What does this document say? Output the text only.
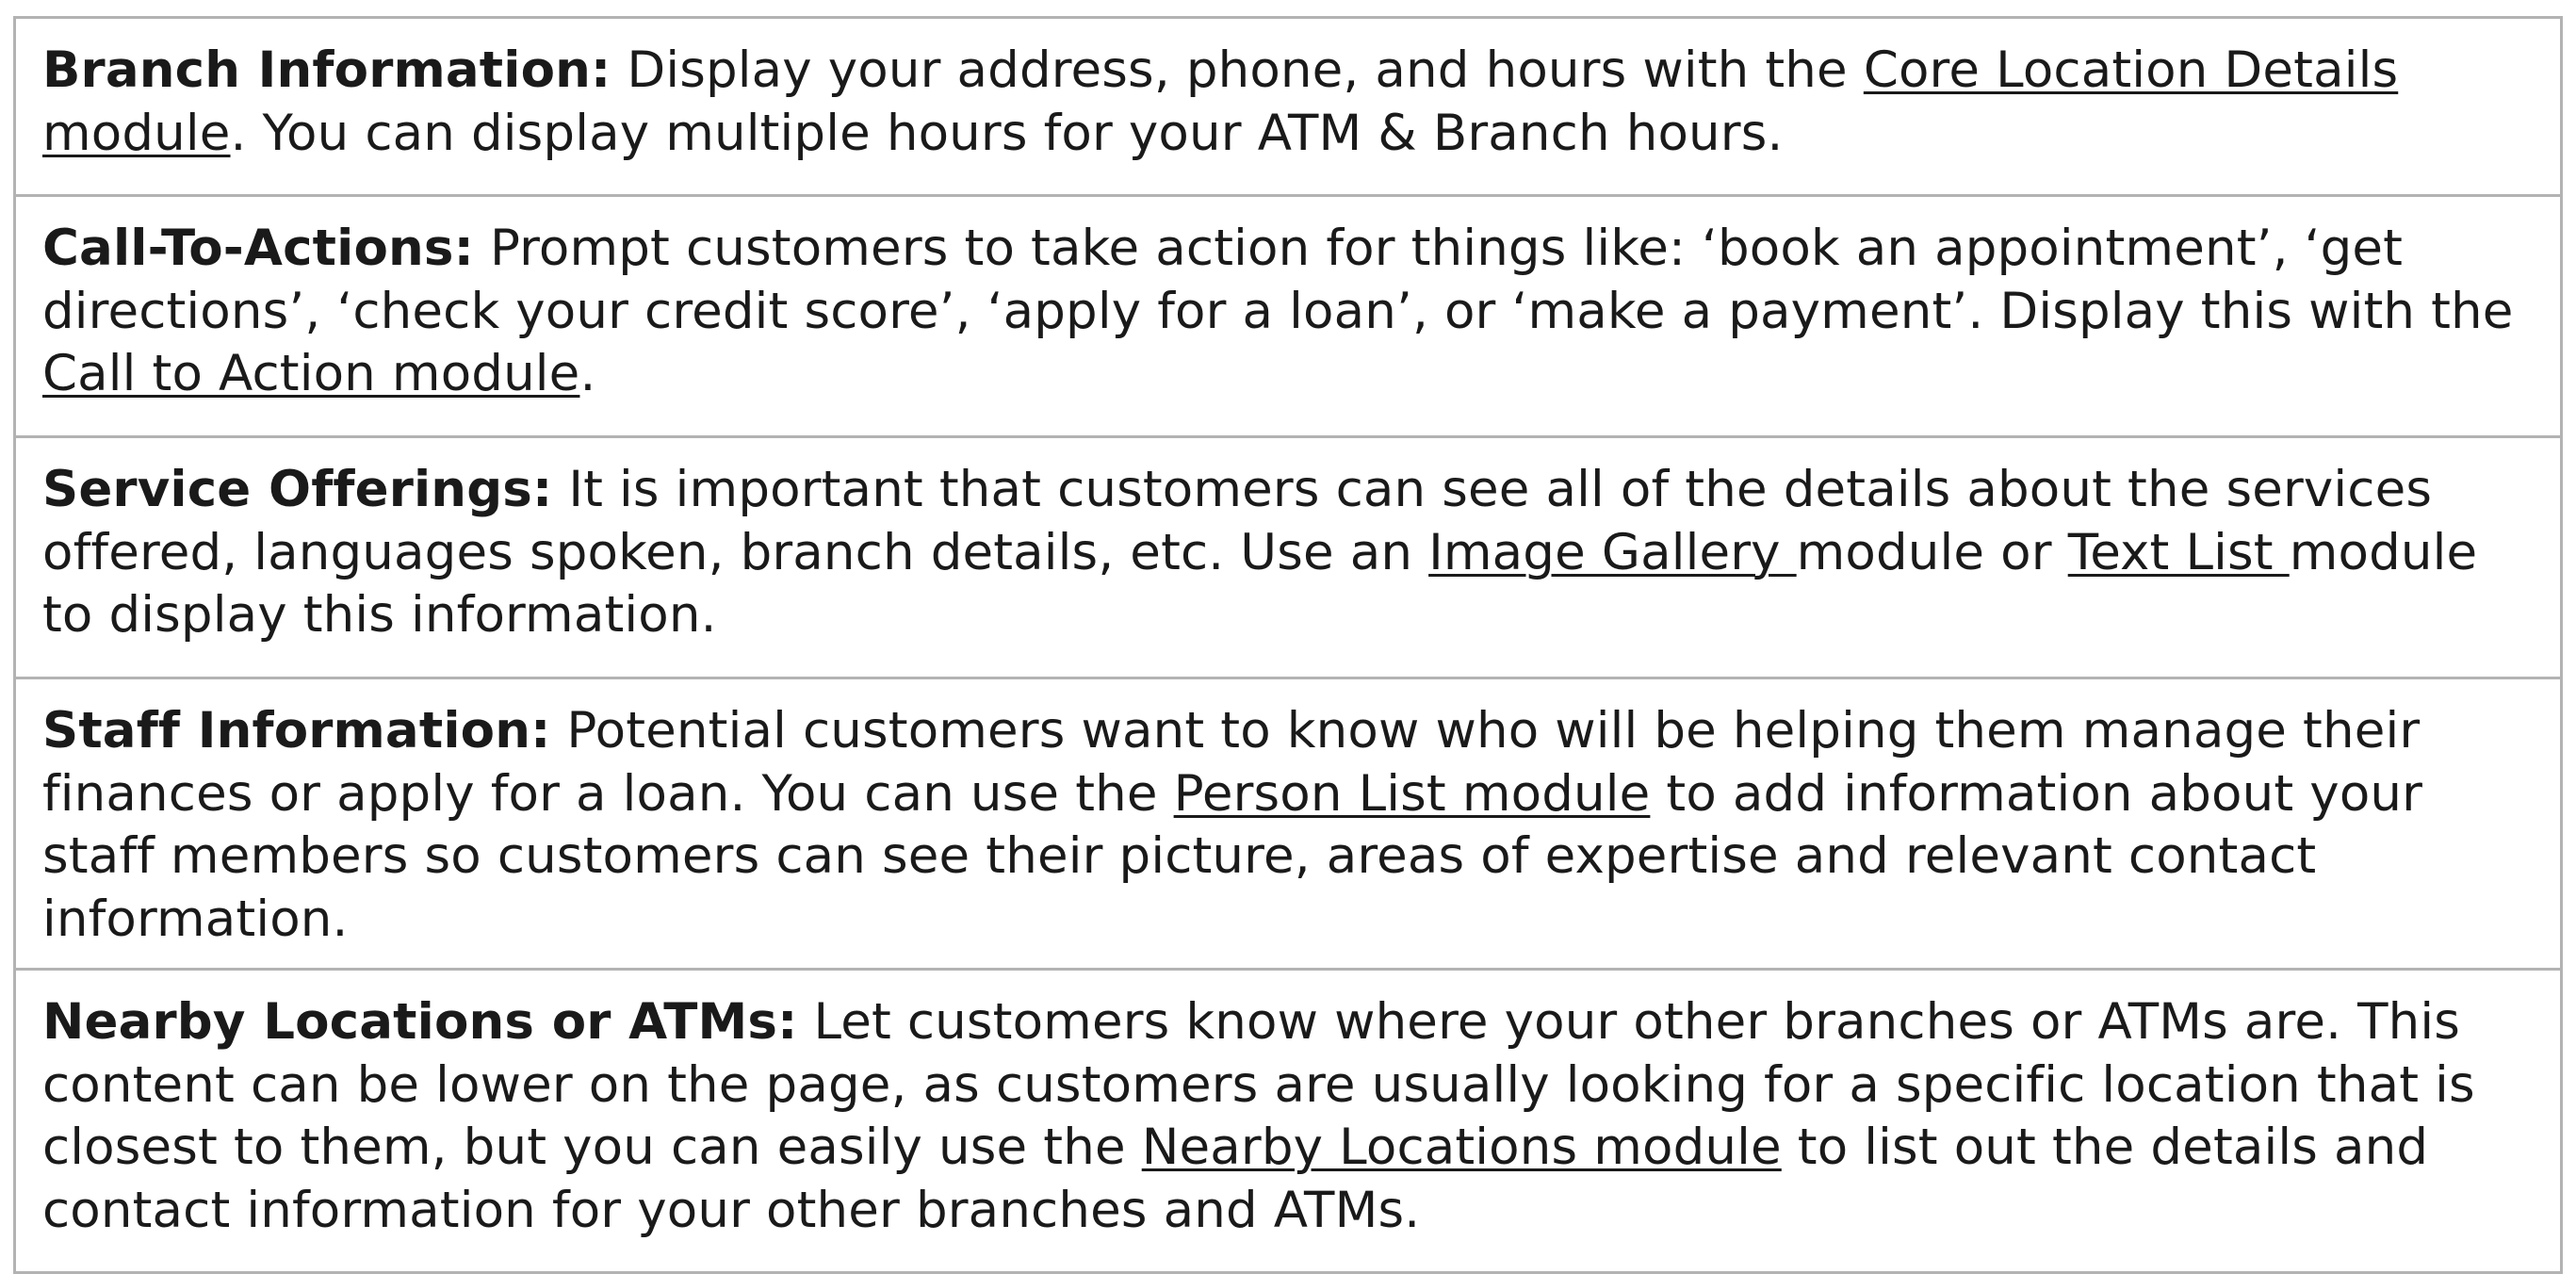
Branch Information: Display your address, phone, and hours with the Core Location Details module. You can display multiple hours for your ATM & Branch hours.
Call-To-Actions: Prompt customers to take action for things like: ‘book an appointment’, ‘get directions’, ‘check your credit score’, ‘apply for a loan’, or ‘make a payment’. Display this with the Call to Action module.
Service Offerings: It is important that customers can see all of the details about the services offered, languages spoken, branch details, etc. Use an Image Gallery module or Text List module to display this information.
Staff Information: Potential customers want to know who will be helping them manage their finances or apply for a loan. You can use the Person List module to add information about your staff members so customers can see their picture, areas of expertise and relevant contact information.
Nearby Locations or ATMs: Let customers know where your other branches or ATMs are. This content can be lower on the page, as customers are usually looking for a specific location that is closest to them, but you can easily use the Nearby Locations module to list out the details and contact information for your other branches and ATMs.
